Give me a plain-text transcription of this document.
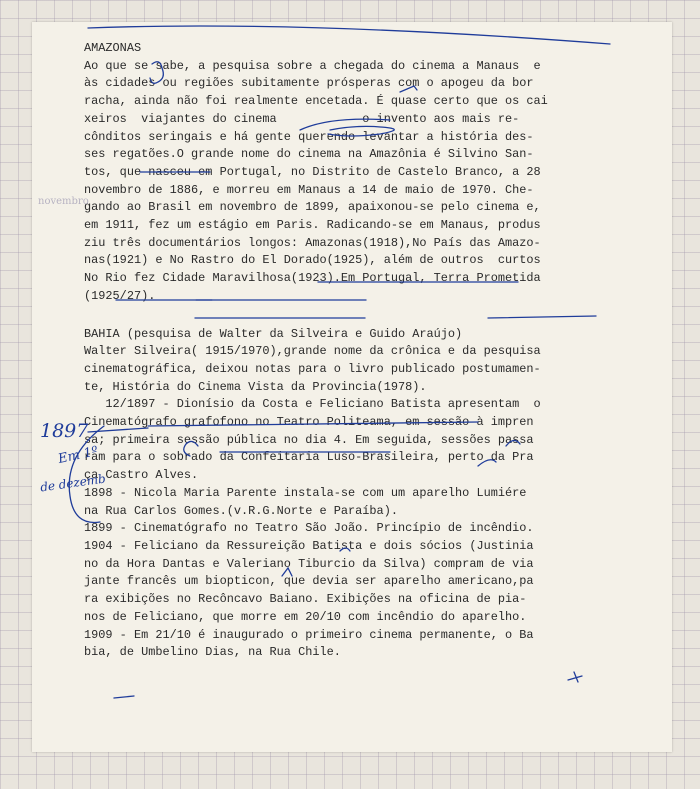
AMAZONAS

Ao que se sabe, a pesquisa sobre a chegada do cinema a Manaus  e

às cidades ou regiões subitamente prósperas com o apogeu da bor

racha, ainda não foi realmente encetada. É quase certo que os cai

xeiros  viajantes do cinema            o invento aos mais re-

cônditos seringais e há gente querendo levantar a história des-

ses regatões.O grande nome do cinema na Amazônia é Silvino San-

tos, que nasceu em Portugal, no Distrito de Castelo Branco, a 28

novembro de 1886, e morreu em Manaus a 14 de maio de 1970. Che-

gando ao Brasil em novembro de 1899, apaixonou-se pelo cinema e,

em 1911, fez um estágio em Paris. Radicando-se em Manaus, produs

ziu três documentários longos: Amazonas(1918),No País das Amazo-

nas(1921) e No Rastro do El Dorado(1925), além de outros  curtos

No Rio fez Cidade Maravilhosa(1923).Em Portugal, Terra Prometida

(1925/27).

BAHIA (pesquisa de Walter da Silveira e Guido Araújo)

Walter Silveira( 1915/1970),grande nome da crônica e da pesquisa

cinematográfica, deixou notas para o livro publicado postumamen-

te, História do Cinema Vista da Provincia(1978).

12/1897 - Dionísio da Costa e Feliciano Batista apresentam  o

Cinematógrafo grafofono no Teatro Politeama, em sessão à impren

sa; primeira sessão pública no dia 4. Em seguida, sessões passa

ram para o sobrado da Confeitaria Luso-Brasileira, perto da Pra

ça Castro Alves.

1898 - Nicola Maria Parente instala-se com um aparelho Lumiére

na Rua Carlos Gomes.(v.R.G.Norte e Paraíba).

1899 - Cinematógrafo no Teatro São João. Princípio de incêndio.

1904 - Feliciano da Ressureição Batista e dois sócios (Justinia

no da Hora Dantas e Valeriano Tiburcio da Silva) compram de via

jante francês um biopticon, que devia ser aparelho americano,pa

ra exibições no Recôncavo Baiano. Exibições na oficina de pia-

nos de Feliciano, que morre em 20/10 com incêndio do aparelho.

1909 - Em 21/10 é inaugurado o primeiro cinema permanente, o Ba

bia, de Umbelino Dias, na Rua Chile.

1897
Em 1º
de dezemb
novembro
